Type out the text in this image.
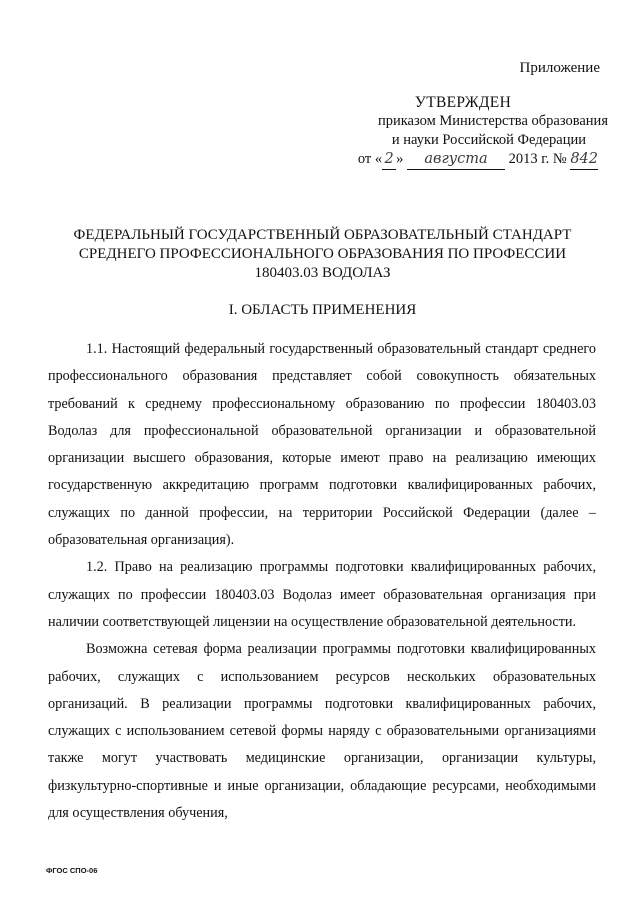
Приложение
УТВЕРЖДЕН
приказом Министерства образования
и науки Российской Федерации
от « 2 » августа 2013 г. № 842
ФЕДЕРАЛЬНЫЙ ГОСУДАРСТВЕННЫЙ ОБРАЗОВАТЕЛЬНЫЙ СТАНДАРТ
СРЕДНЕГО ПРОФЕССИОНАЛЬНОГО ОБРАЗОВАНИЯ ПО ПРОФЕССИИ
180403.03 ВОДОЛАЗ
I. ОБЛАСТЬ ПРИМЕНЕНИЯ

1.1. Настоящий федеральный государственный образовательный стандарт среднего профессионального образования представляет собой совокупность обязательных требований к среднему профессиональному образованию по профессии 180403.03 Водолаз для профессиональной образовательной организации и образовательной организации высшего образования, которые имеют право на реализацию имеющих государственную аккредитацию программ подготовки квалифицированных рабочих, служащих по данной профессии, на территории Российской Федерации (далее – образовательная организация).

1.2. Право на реализацию программы подготовки квалифицированных рабочих, служащих по профессии 180403.03 Водолаз имеет образовательная организация при наличии соответствующей лицензии на осуществление образовательной деятельности.

Возможна сетевая форма реализации программы подготовки квалифицированных рабочих, служащих с использованием ресурсов нескольких образовательных организаций. В реализации программы подготовки квалифицированных рабочих, служащих с использованием сетевой формы наряду с образовательными организациями также могут участвовать медицинские организации, организации культуры, физкультурно-спортивные и иные организации, обладающие ресурсами, необходимыми для осуществления обучения,

ФГОС СПО-06
